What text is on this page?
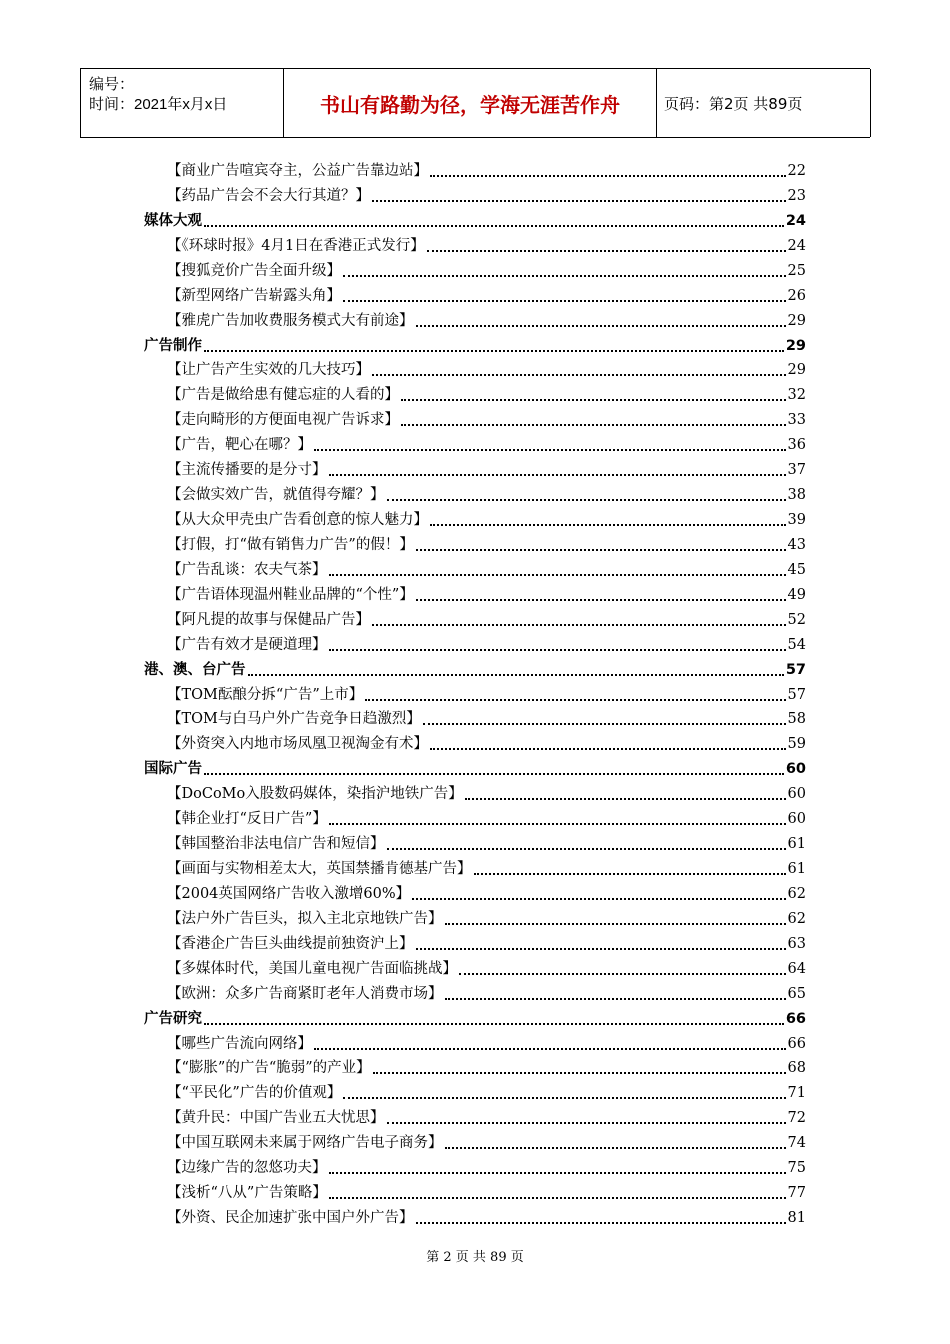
编号：
时间：2021年x月x日	书山有路勤为径，学海无涯苦作舟	页码：第2页 共89页
【商业广告喧宾夺主，公益广告靠边站】	22
【药品广告会不会大行其道？】	23
媒体大观	24
【《环球时报》4月1日在香港正式发行】	24
【搜狐竞价广告全面升级】	25
【新型网络广告崭露头角】	26
【雅虎广告加收费服务模式大有前途】	29
广告制作	29
【让广告产生实效的几大技巧】	29
【广告是做给患有健忘症的人看的】	32
【走向畸形的方便面电视广告诉求】	33
【广告，靶心在哪？】	36
【主流传播要的是分寸】	37
【会做实效广告，就值得夸耀？】	38
【从大众甲壳虫广告看创意的惊人魅力】	39
【打假，打“做有销售力广告”的假！】	43
【广告乱谈：农夫气茶】	45
【广告语体现温州鞋业品牌的“个性”】	49
【阿凡提的故事与保健品广告】	52
【广告有效才是硬道理】	54
港、澳、台广告	57
【TOM酝酿分拆“广告”上市】	57
【TOM与白马户外广告竞争日趋激烈】	58
【外资突入内地市场凤凰卫视淘金有术】	59
国际广告	60
【DoCoMo入股数码媒体，染指沪地铁广告】	60
【韩企业打“反日广告”】	60
【韩国整治非法电信广告和短信】	61
【画面与实物相差太大，英国禁播肯德基广告】	61
【2004英国网络广告收入激增60%】	62
【法户外广告巨头，拟入主北京地铁广告】	62
【香港企广告巨头曲线提前独资沪上】	63
【多媒体时代，美国儿童电视广告面临挑战】	64
【欧洲：众多广告商紧盯老年人消费市场】	65
广告研究	66
【哪些广告流向网络】	66
【“膨胀”的广告“脆弱”的产业】	68
【“平民化”广告的价值观】	71
【黄升民：中国广告业五大忧思】	72
【中国互联网未来属于网络广告电子商务】	74
【边缘广告的忽悠功夫】	75
【浅析“八从”广告策略】	77
【外资、民企加速扩张中国户外广告】	81
第 2 页 共 89 页
